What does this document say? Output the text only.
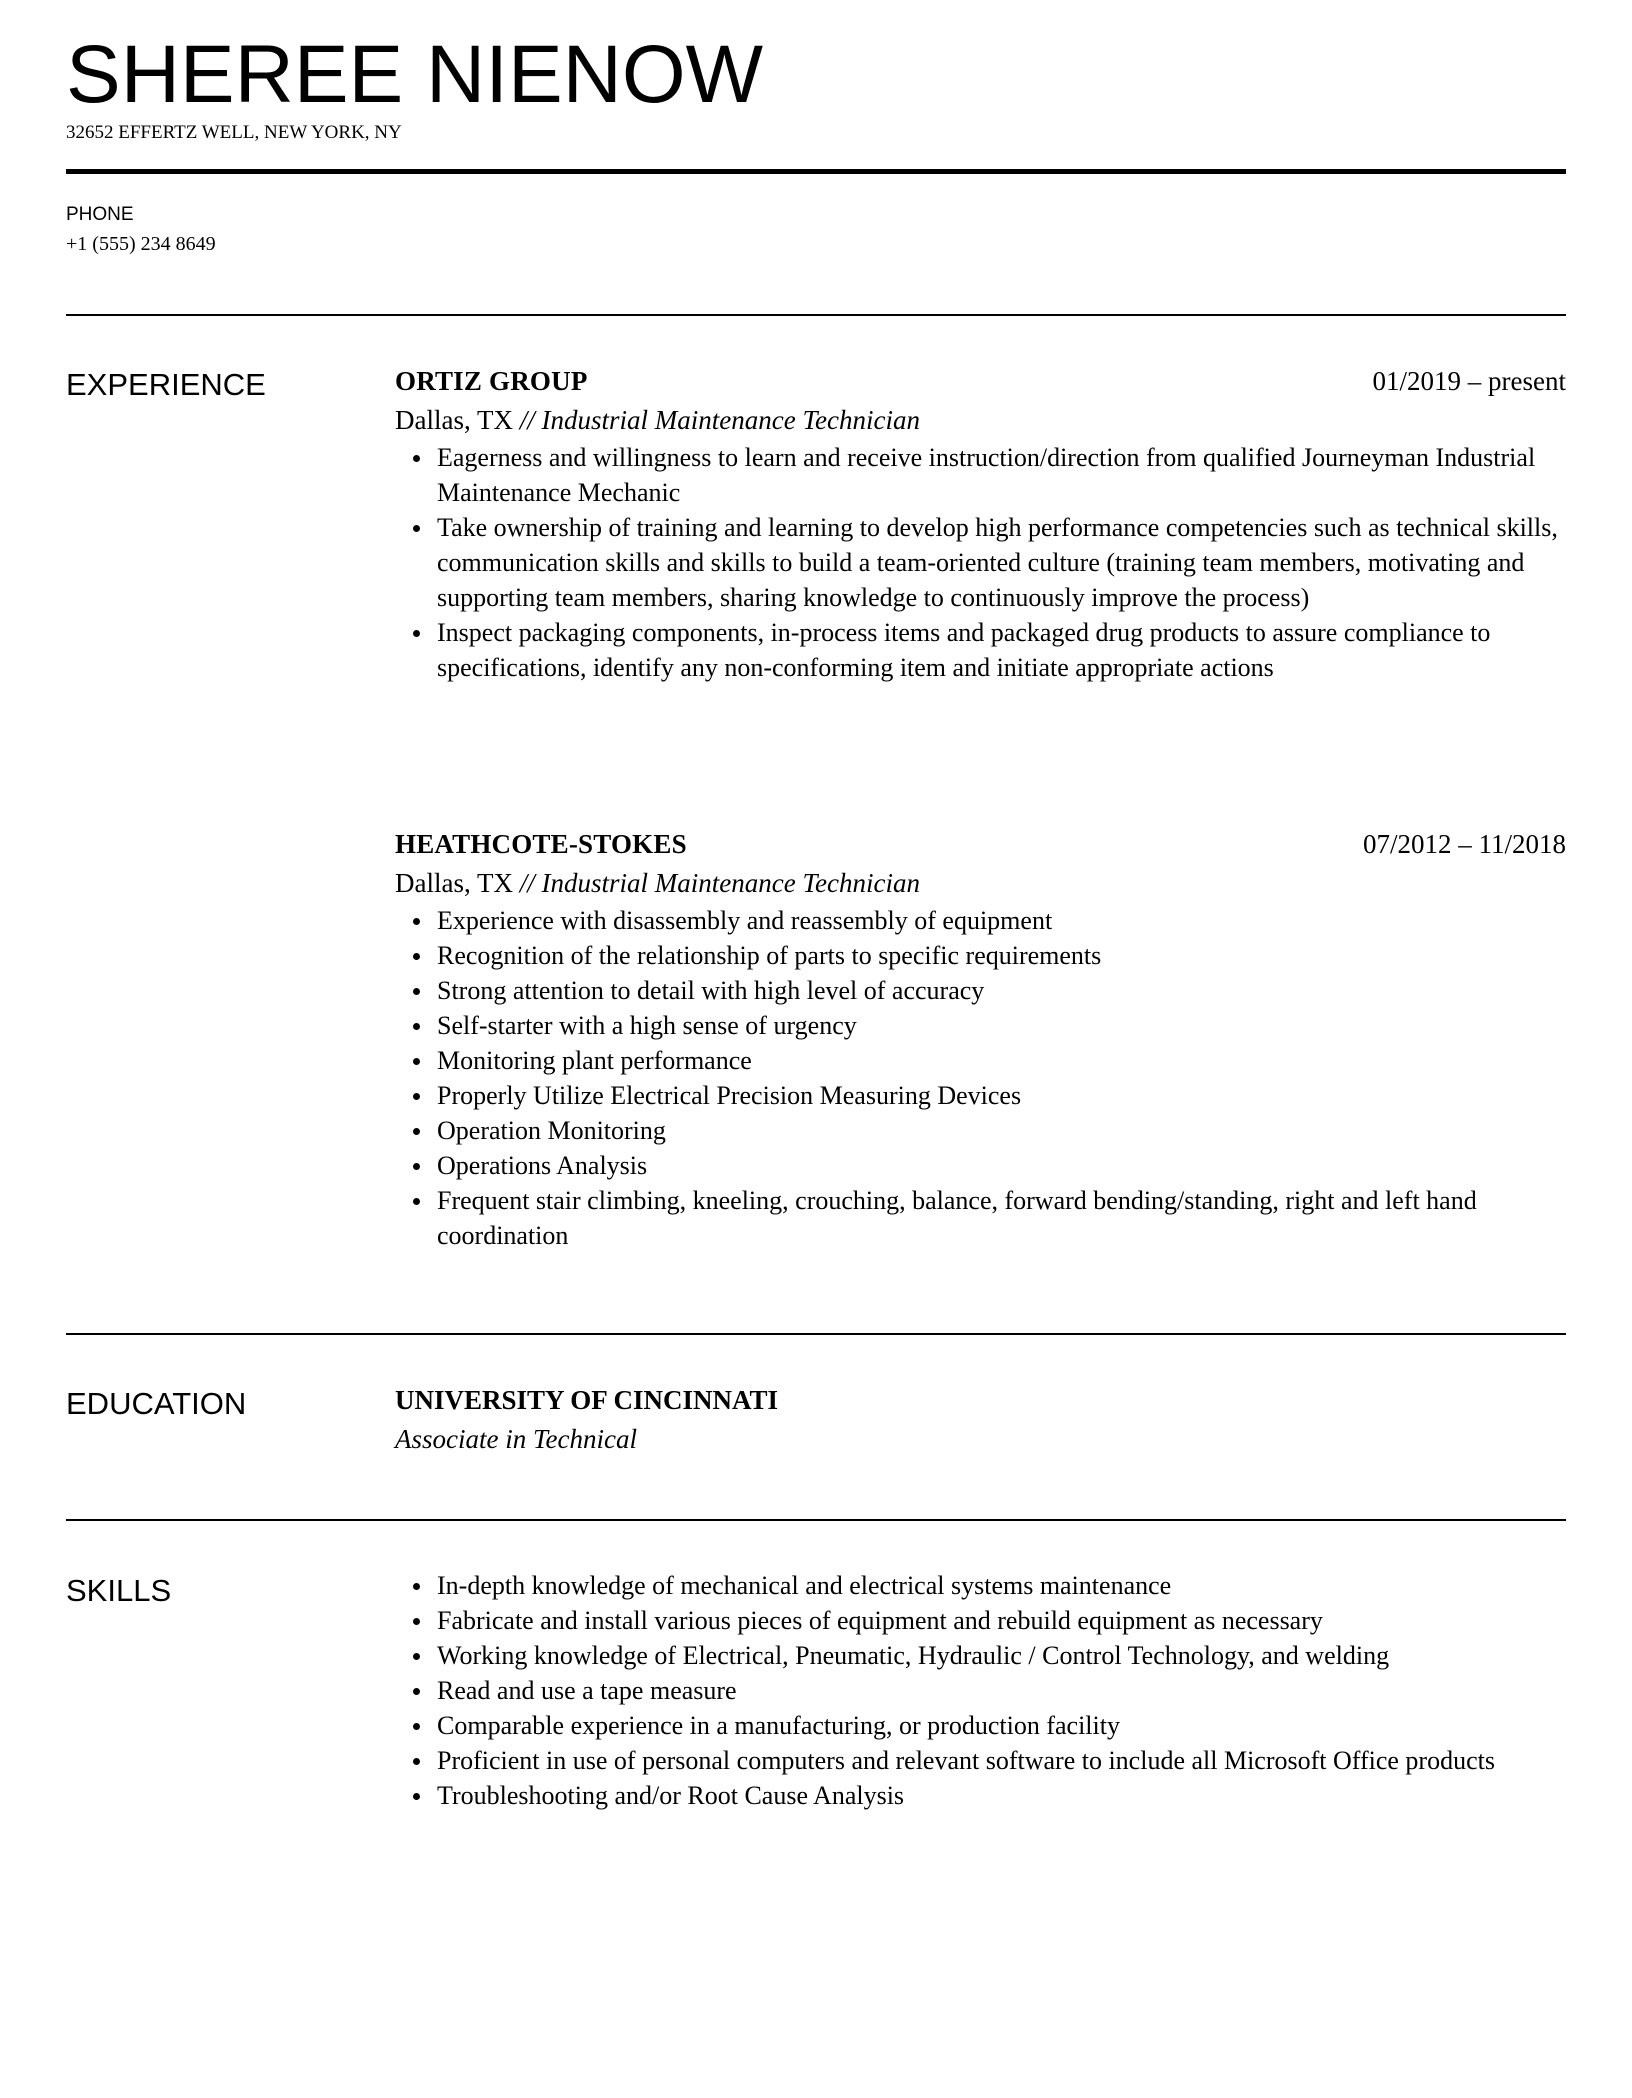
SHEREE NIENOW
32652 EFFERTZ WELL, NEW YORK, NY
PHONE
+1 (555) 234 8649
EXPERIENCE	ORTIZ GROUP	01/2019 – present
Dallas, TX // Industrial Maintenance Technician
Eagerness and willingness to learn and receive instruction/direction from qualified Journeyman Industrial Maintenance Mechanic
Take ownership of training and learning to develop high performance competencies such as technical skills, communication skills and skills to build a team-oriented culture (training team members, motivating and supporting team members, sharing knowledge to continuously improve the process)
Inspect packaging components, in-process items and packaged drug products to assure compliance to specifications, identify any non-conforming item and initiate appropriate actions
HEATHCOTE-STOKES	07/2012 – 11/2018
Dallas, TX // Industrial Maintenance Technician
Experience with disassembly and reassembly of equipment
Recognition of the relationship of parts to specific requirements
Strong attention to detail with high level of accuracy
Self-starter with a high sense of urgency
Monitoring plant performance
Properly Utilize Electrical Precision Measuring Devices
Operation Monitoring
Operations Analysis
Frequent stair climbing, kneeling, crouching, balance, forward bending/standing, right and left hand coordination
EDUCATION	UNIVERSITY OF CINCINNATI
Associate in Technical
SKILLS	In-depth knowledge of mechanical and electrical systems maintenance
Fabricate and install various pieces of equipment and rebuild equipment as necessary
Working knowledge of Electrical, Pneumatic, Hydraulic / Control Technology, and welding
Read and use a tape measure
Comparable experience in a manufacturing, or production facility
Proficient in use of personal computers and relevant software to include all Microsoft Office products
Troubleshooting and/or Root Cause Analysis
